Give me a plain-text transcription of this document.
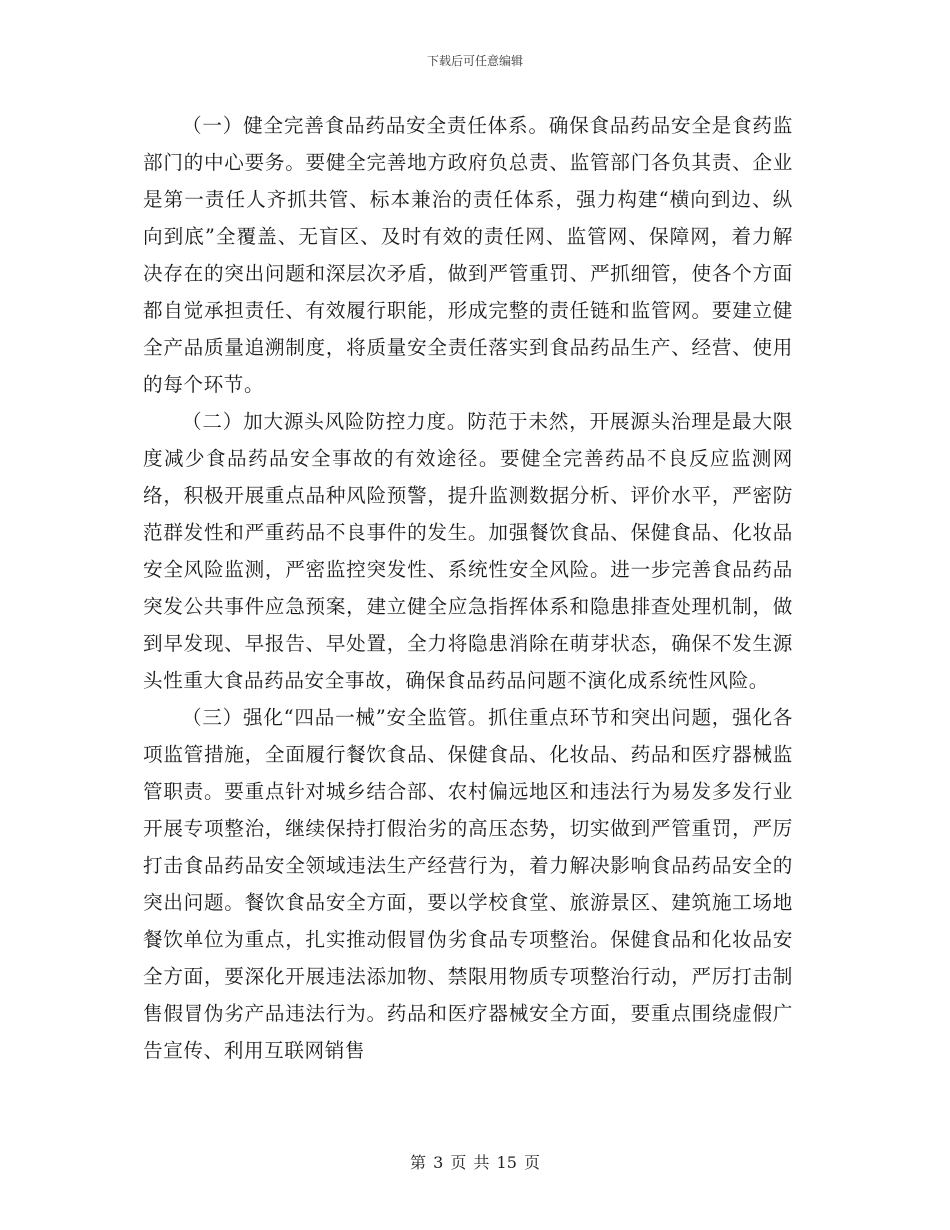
下载后可任意编辑

（一）健全完善食品药品安全责任体系。确保食品药品安全是食药监部门的中心要务。要健全完善地方政府负总责、监管部门各负其责、企业是第一责任人齐抓共管、标本兼治的责任体系，强力构建“横向到边、纵向到底”全覆盖、无盲区、及时有效的责任网、监管网、保障网，着力解决存在的突出问题和深层次矛盾，做到严管重罚、严抓细管，使各个方面都自觉承担责任、有效履行职能，形成完整的责任链和监管网。要建立健全产品质量追溯制度，将质量安全责任落实到食品药品生产、经营、使用的每个环节。

（二）加大源头风险防控力度。防范于未然，开展源头治理是最大限度减少食品药品安全事故的有效途径。要健全完善药品不良反应监测网络，积极开展重点品种风险预警，提升监测数据分析、评价水平，严密防范群发性和严重药品不良事件的发生。加强餐饮食品、保健食品、化妆品安全风险监测，严密监控突发性、系统性安全风险。进一步完善食品药品突发公共事件应急预案，建立健全应急指挥体系和隐患排查处理机制，做到早发现、早报告、早处置，全力将隐患消除在萌芽状态，确保不发生源头性重大食品药品安全事故，确保食品药品问题不演化成系统性风险。

（三）强化“四品一械”安全监管。抓住重点环节和突出问题，强化各项监管措施，全面履行餐饮食品、保健食品、化妆品、药品和医疗器械监管职责。要重点针对城乡结合部、农村偏远地区和违法行为易发多发行业开展专项整治，继续保持打假治劣的高压态势，切实做到严管重罚，严厉打击食品药品安全领域违法生产经营行为，着力解决影响食品药品安全的突出问题。餐饮食品安全方面，要以学校食堂、旅游景区、建筑施工场地餐饮单位为重点，扎实推动假冒伪劣食品专项整治。保健食品和化妆品安全方面，要深化开展违法添加物、禁限用物质专项整治行动，严厉打击制售假冒伪劣产品违法行为。药品和医疗器械安全方面，要重点围绕虚假广告宣传、利用互联网销售

第 3 页 共 15 页
